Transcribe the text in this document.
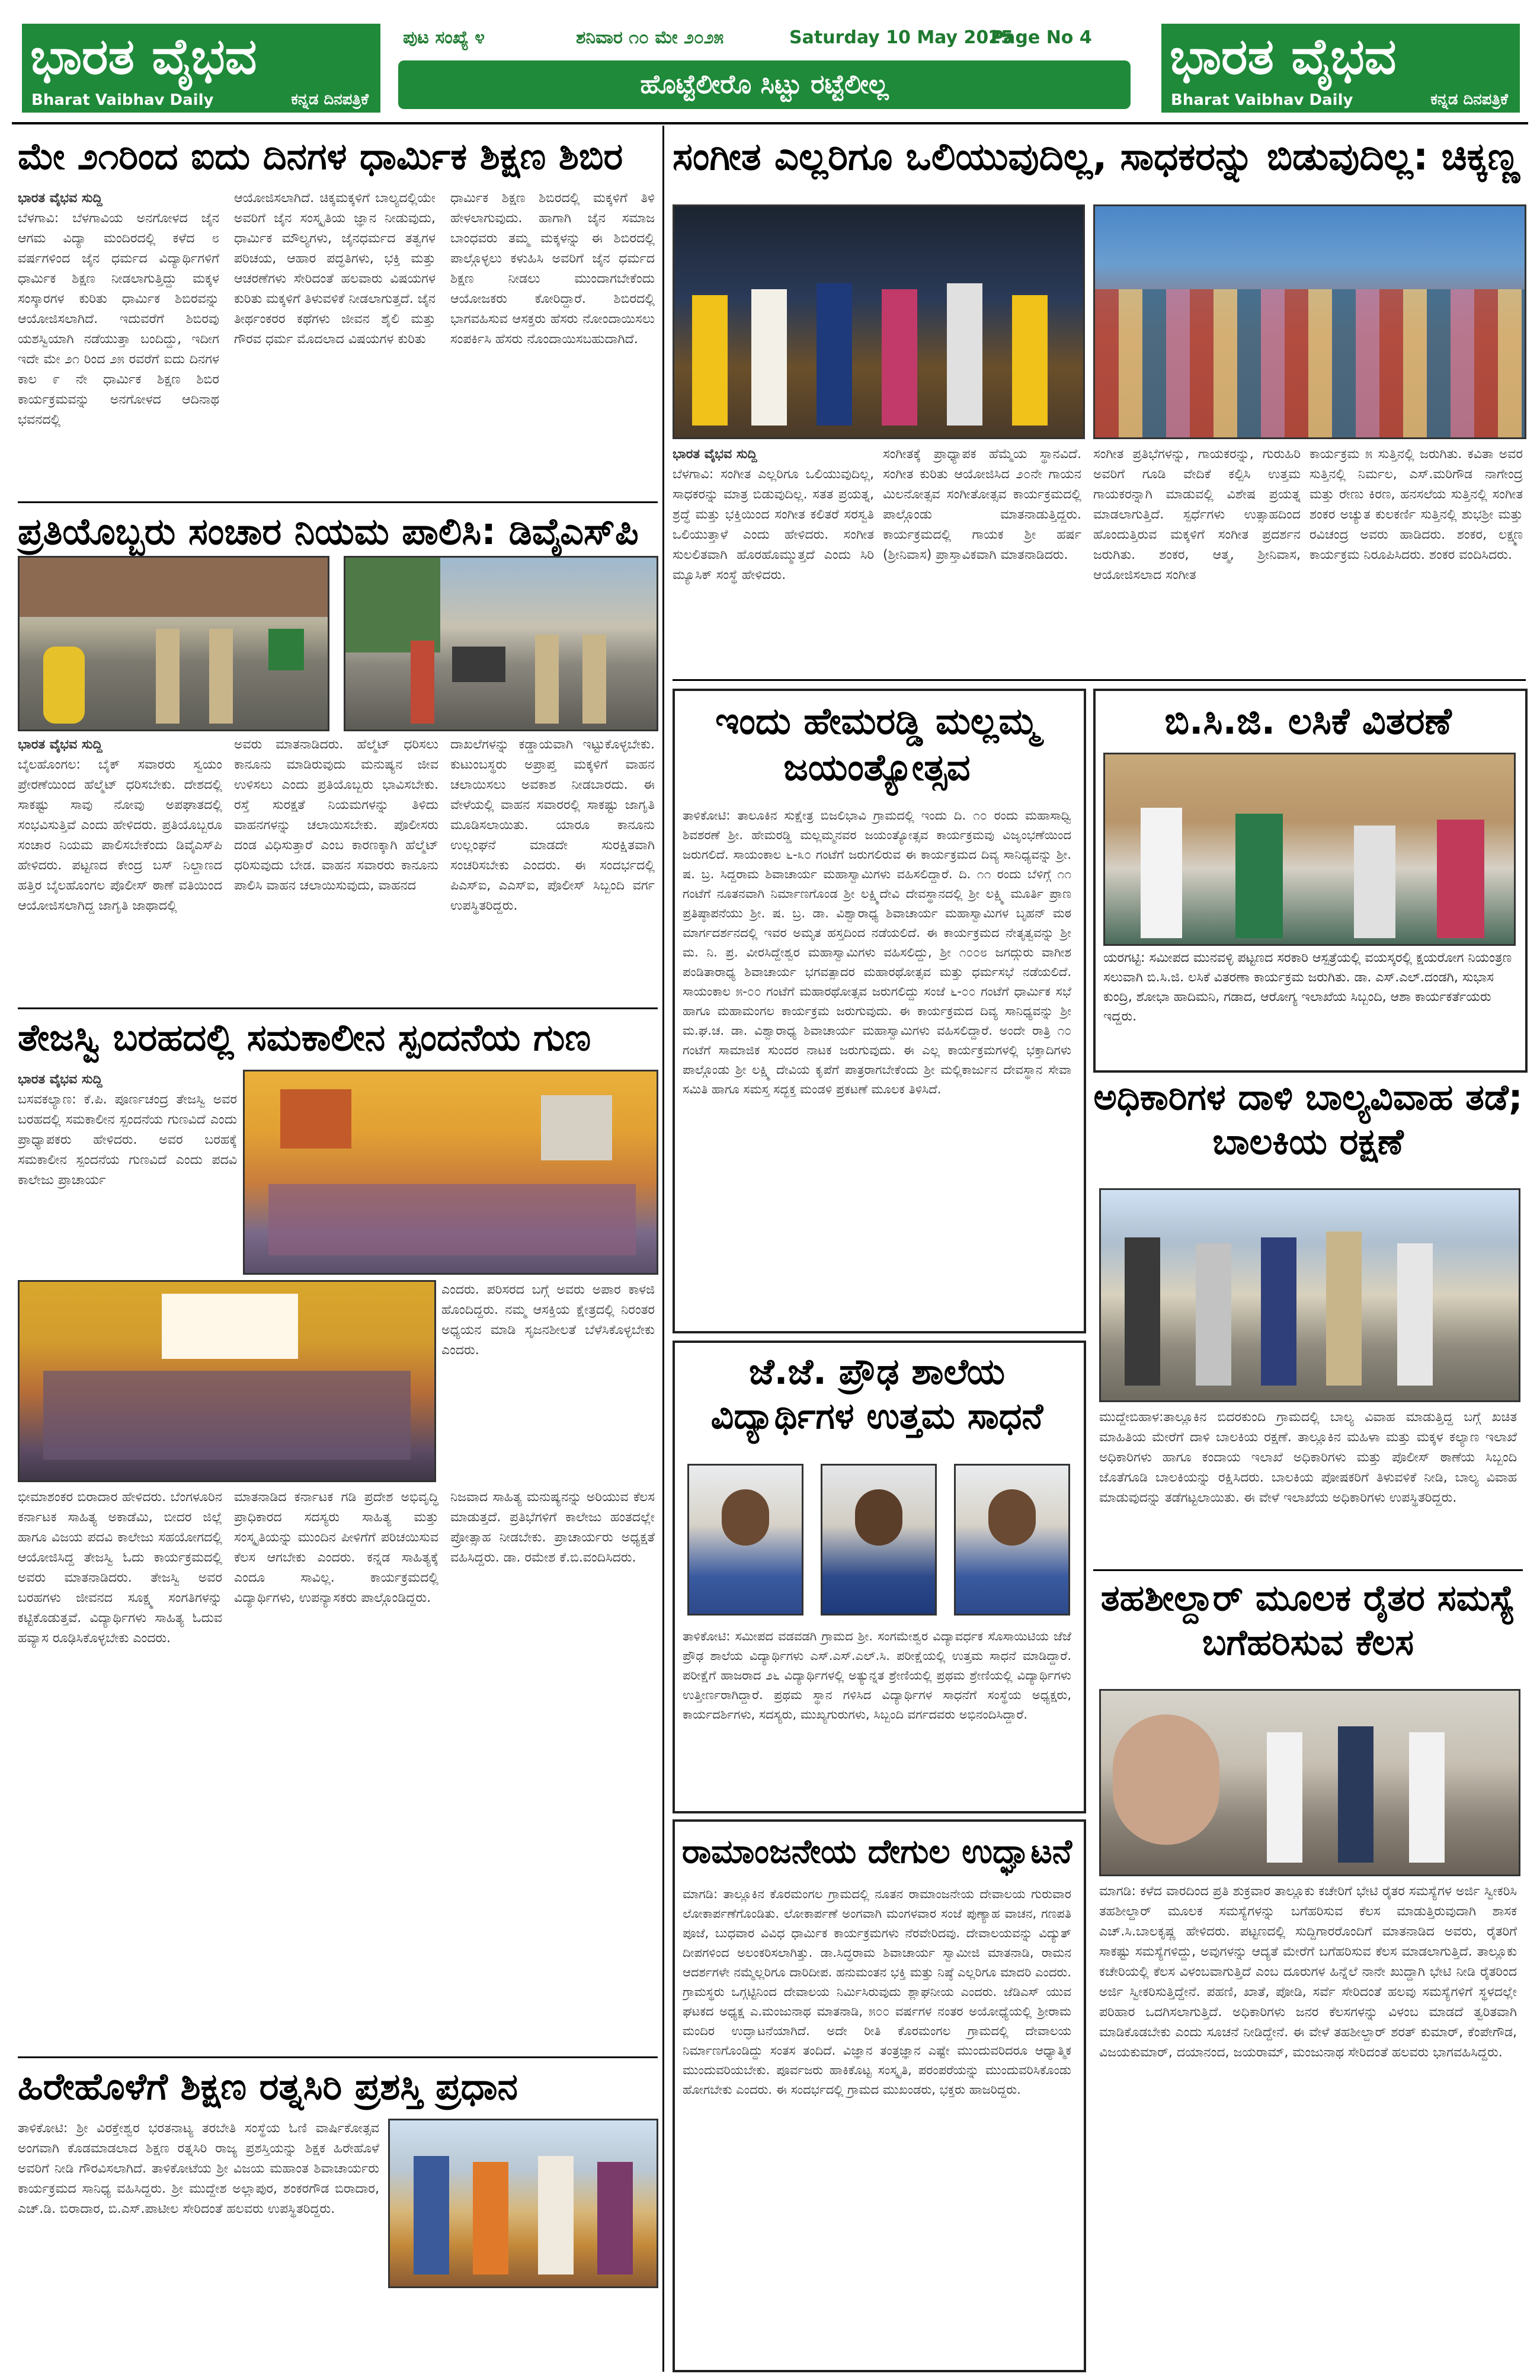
ಭಾರತ ವೈಭವ
Bharat Vaibhav Daily	ಕನ್ನಡ ದಿನಪತ್ರಿಕೆ
ಪುಟ ಸಂಖ್ಯೆ ೪	ಶನಿವಾರ ೧೦ ಮೇ ೨೦೨೫	Saturday 10 May 2025
Page No 4
ಹೊಟ್ಟೆಲೀರೊ ಸಿಟ್ಟು ರಟ್ಟೆಲೀಲ್ಲ	ಭಾರತ ವೈಭವ
Bharat Vaibhav Daily	ಕನ್ನಡ ದಿನಪತ್ರಿಕೆ
ಮೇ ೨೧ರಿಂದ ಐದು ದಿನಗಳ ಧಾರ್ಮಿಕ ಶಿಕ್ಷಣ ಶಿಬಿರ
ಭಾರತ ವೈಭವ ಸುದ್ದಿ
ಬೆಳಗಾವಿ: ಬೆಳಗಾವಿಯ ಅನಗೋಳದ ಜೈನ ಆಗಮ ವಿದ್ಯಾ ಮಂದಿರದಲ್ಲಿ ಕಳೆದ ೮ ವರ್ಷಗಳಿಂದ ಜೈನ ಧರ್ಮದ ವಿದ್ಯಾರ್ಥಿಗಳಿಗೆ ಧಾರ್ಮಿಕ ಶಿಕ್ಷಣ ನೀಡಲಾಗುತ್ತಿದ್ದು ಮಕ್ಕಳ ಸಂಸ್ಕಾರಗಳ ಕುರಿತು ಧಾರ್ಮಿಕ ಶಿಬಿರವನ್ನು ಆಯೋಜಿಸಲಾಗಿದೆ. ಇದುವರೆಗೆ ಶಿಬಿರವು ಯಶಸ್ವಿಯಾಗಿ ನಡೆಯುತ್ತಾ ಬಂದಿದ್ದು, ಇದೀಗ ಇದೇ ಮೇ ೨೧ ರಿಂದ ೨೫ ರವರೆಗೆ ಐದು ದಿನಗಳ ಕಾಲ ೯ ನೇ ಧಾರ್ಮಿಕ ಶಿಕ್ಷಣ ಶಿಬಿರ ಕಾರ್ಯಕ್ರಮವನ್ನು ಅನಗೋಳದ ಆದಿನಾಥ ಭವನದಲ್ಲಿ
ಆಯೋಜಿಸಲಾಗಿದೆ. ಚಿಕ್ಕಮಕ್ಕಳಿಗೆ ಬಾಲ್ಯದಲ್ಲಿಯೇ ಅವರಿಗೆ ಜೈನ ಸಂಸ್ಕೃತಿಯ ಜ್ಞಾನ ನೀಡುವುದು, ಧಾರ್ಮಿಕ ಮೌಲ್ಯಗಳು, ಜೈನಧರ್ಮದ ತತ್ವಗಳ ಪರಿಚಯ, ಆಹಾರ ಪದ್ಧತಿಗಳು, ಭಕ್ತಿ ಮತ್ತು ಆಚರಣೆಗಳು ಸೇರಿದಂತೆ ಹಲವಾರು ವಿಷಯಗಳ ಕುರಿತು ಮಕ್ಕಳಿಗೆ ತಿಳುವಳಿಕೆ ನೀಡಲಾಗುತ್ತದೆ. ಜೈನ ತೀರ್ಥಂಕರರ ಕಥೆಗಳು ಜೀವನ ಶೈಲಿ ಮತ್ತು ಗೌರವ ಧರ್ಮ ಮೊದಲಾದ ವಿಷಯಗಳ ಕುರಿತು
ಧಾರ್ಮಿಕ ಶಿಕ್ಷಣ ಶಿಬಿರದಲ್ಲಿ ಮಕ್ಕಳಿಗೆ ತಿಳಿ ಹೇಳಲಾಗುವುದು. ಹಾಗಾಗಿ ಜೈನ ಸಮಾಜ ಬಾಂಧವರು ತಮ್ಮ ಮಕ್ಕಳನ್ನು ಈ ಶಿಬಿರದಲ್ಲಿ ಪಾಲ್ಗೊಳ್ಳಲು ಕಳುಹಿಸಿ ಅವರಿಗೆ ಜೈನ ಧರ್ಮದ ಶಿಕ್ಷಣ ನೀಡಲು ಮುಂದಾಗಬೇಕೆಂದು ಆಯೋಜಕರು ಕೋರಿದ್ದಾರೆ. ಶಿಬಿರದಲ್ಲಿ ಭಾಗವಹಿಸುವ ಆಸಕ್ತರು ಹೆಸರು ನೋಂದಾಯಿಸಲು ಸಂಪರ್ಕಿಸಿ ಹೆಸರು ನೊಂದಾಯಿಸಬಹುದಾಗಿದೆ.
ಪ್ರತಿಯೊಬ್ಬರು ಸಂಚಾರ ನಿಯಮ ಪಾಲಿಸಿ: ಡಿವೈಎಸ್‌ಪಿ
ಭಾರತ ವೈಭವ ಸುದ್ದಿ
ಬೈಲಹೊಂಗಲ: ಬೈಕ್ ಸವಾರರು ಸ್ವಯಂ ಪ್ರೇರಣೆಯಿಂದ ಹೆಲ್ಮೆಟ್ ಧರಿಸಬೇಕು. ದೇಶದಲ್ಲಿ ಸಾಕಷ್ಟು ಸಾವು ನೋವು ಅಪಘಾತದಲ್ಲಿ ಸಂಭವಿಸುತ್ತಿವೆ ಎಂದು ಹೇಳಿದರು. ಪ್ರತಿಯೊಬ್ಬರೂ ಸಂಚಾರ ನಿಯಮ ಪಾಲಿಸಬೇಕೆಂದು ಡಿವೈಎಸ್‌ಪಿ ಹೇಳಿದರು. ಪಟ್ಟಣದ ಕೇಂದ್ರ ಬಸ್ ನಿಲ್ದಾಣದ ಹತ್ತಿರ ಬೈಲಹೊಂಗಲ ಪೊಲೀಸ್ ಠಾಣೆ ವತಿಯಿಂದ ಆಯೋಜಿಸಲಾಗಿದ್ದ ಜಾಗೃತಿ ಜಾಥಾದಲ್ಲಿ
ಅವರು ಮಾತನಾಡಿದರು. ಹೆಲ್ಮೆಟ್ ಧರಿಸಲು ಕಾನೂನು ಮಾಡಿರುವುದು ಮನುಷ್ಯನ ಜೀವ ಉಳಿಸಲು ಎಂದು ಪ್ರತಿಯೊಬ್ಬರು ಭಾವಿಸಬೇಕು. ರಸ್ತೆ ಸುರಕ್ಷತೆ ನಿಯಮಗಳನ್ನು ತಿಳಿದು ವಾಹನಗಳನ್ನು ಚಲಾಯಿಸಬೇಕು. ಪೊಲೀಸರು ದಂಡ ವಿಧಿಸುತ್ತಾರೆ ಎಂಬ ಕಾರಣಕ್ಕಾಗಿ ಹೆಲ್ಮೆಟ್ ಧರಿಸುವುದು ಬೇಡ. ವಾಹನ ಸವಾರರು ಕಾನೂನು ಪಾಲಿಸಿ ವಾಹನ ಚಲಾಯಿಸುವುದು, ವಾಹನದ
ದಾಖಲೆಗಳನ್ನು ಕಡ್ಡಾಯವಾಗಿ ಇಟ್ಟುಕೊಳ್ಳಬೇಕು. ಕುಟುಂಬಸ್ಥರು ಅಪ್ರಾಪ್ತ ಮಕ್ಕಳಿಗೆ ವಾಹನ ಚಲಾಯಿಸಲು ಅವಕಾಶ ನೀಡಬಾರದು. ಈ ವೇಳೆಯಲ್ಲಿ ವಾಹನ ಸವಾರರಲ್ಲಿ ಸಾಕಷ್ಟು ಜಾಗೃತಿ ಮೂಡಿಸಲಾಯಿತು. ಯಾರೂ ಕಾನೂನು ಉಲ್ಲಂಘನೆ ಮಾಡದೇ ಸುರಕ್ಷಿತವಾಗಿ ಸಂಚರಿಸಬೇಕು ಎಂದರು. ಈ ಸಂದರ್ಭದಲ್ಲಿ ಪಿಎಸ್‌ಐ, ಎಎಸ್‌ಐ, ಪೊಲೀಸ್ ಸಿಬ್ಬಂದಿ ವರ್ಗ ಉಪಸ್ಥಿತರಿದ್ದರು.
ತೇಜಸ್ವಿ ಬರಹದಲ್ಲಿ ಸಮಕಾಲೀನ ಸ್ಪಂದನೆಯ ಗುಣ
ಭಾರತ ವೈಭವ ಸುದ್ದಿ
ಬಸವಕಲ್ಯಾಣ: ಕೆ.ಪಿ. ಪೂರ್ಣಚಂದ್ರ ತೇಜಸ್ವಿ ಅವರ ಬರಹದಲ್ಲಿ ಸಮಕಾಲೀನ ಸ್ಪಂದನೆಯ ಗುಣವಿದೆ ಎಂದು ಪ್ರಾಧ್ಯಾಪಕರು ಹೇಳಿದರು. ಅವರ ಬರಹಕ್ಕೆ ಸಮಕಾಲೀನ ಸ್ಪಂದನೆಯ ಗುಣವಿದೆ ಎಂದು ಪದವಿ ಕಾಲೇಜು ಪ್ರಾಚಾರ್ಯ
ಎಂದರು. ಪರಿಸರದ ಬಗ್ಗೆ ಅವರು ಅಪಾರ ಕಾಳಜಿ ಹೊಂದಿದ್ದರು. ನಮ್ಮ ಆಸಕ್ತಿಯ ಕ್ಷೇತ್ರದಲ್ಲಿ ನಿರಂತರ ಅಧ್ಯಯನ ಮಾಡಿ ಸೃಜನಶೀಲತೆ ಬೆಳೆಸಿಕೊಳ್ಳಬೇಕು ಎಂದರು.
ಭೀಮಾಶಂಕರ ಬಿರಾದಾರ ಹೇಳಿದರು. ಬೆಂಗಳೂರಿನ ಕರ್ನಾಟಕ ಸಾಹಿತ್ಯ ಅಕಾಡೆಮಿ, ಬೀದರ ಜಿಲ್ಲೆ ಹಾಗೂ ವಿಜಯ ಪದವಿ ಕಾಲೇಜು ಸಹಯೋಗದಲ್ಲಿ ಆಯೋಜಿಸಿದ್ದ ತೇಜಸ್ವಿ ಓದು ಕಾರ್ಯಕ್ರಮದಲ್ಲಿ ಅವರು ಮಾತನಾಡಿದರು. ತೇಜಸ್ವಿ ಅವರ ಬರಹಗಳು ಜೀವನದ ಸೂಕ್ಷ್ಮ ಸಂಗತಿಗಳನ್ನು ಕಟ್ಟಿಕೊಡುತ್ತವೆ. ವಿದ್ಯಾರ್ಥಿಗಳು ಸಾಹಿತ್ಯ ಓದುವ ಹವ್ಯಾಸ ರೂಢಿಸಿಕೊಳ್ಳಬೇಕು ಎಂದರು.
ಮಾತನಾಡಿದ ಕರ್ನಾಟಕ ಗಡಿ ಪ್ರದೇಶ ಅಭಿವೃದ್ಧಿ ಪ್ರಾಧಿಕಾರದ ಸದಸ್ಯರು ಸಾಹಿತ್ಯ ಮತ್ತು ಸಂಸ್ಕೃತಿಯನ್ನು ಮುಂದಿನ ಪೀಳಿಗೆಗೆ ಪರಿಚಯಿಸುವ ಕೆಲಸ ಆಗಬೇಕು ಎಂದರು. ಕನ್ನಡ ಸಾಹಿತ್ಯಕ್ಕೆ ಎಂದೂ ಸಾವಿಲ್ಲ. ಕಾರ್ಯಕ್ರಮದಲ್ಲಿ ವಿದ್ಯಾರ್ಥಿಗಳು, ಉಪನ್ಯಾಸಕರು ಪಾಲ್ಗೊಂಡಿದ್ದರು.
ನಿಜವಾದ ಸಾಹಿತ್ಯ ಮನುಷ್ಯನನ್ನು ಅರಿಯುವ ಕೆಲಸ ಮಾಡುತ್ತದೆ. ಪ್ರತಿಭೆಗಳಿಗೆ ಕಾಲೇಜು ಹಂತದಲ್ಲೇ ಪ್ರೋತ್ಸಾಹ ನೀಡಬೇಕು. ಪ್ರಾಚಾರ್ಯರು ಅಧ್ಯಕ್ಷತೆ ವಹಿಸಿದ್ದರು. ಡಾ. ರಮೇಶ ಕೆ.ಬಿ.ವಂದಿಸಿದರು.
ಹಿರೇಹೊಳೆಗೆ ಶಿಕ್ಷಣ ರತ್ನಸಿರಿ ಪ್ರಶಸ್ತಿ ಪ್ರಧಾನ
ತಾಳಿಕೋಟಿ: ಶ್ರೀ ವಿರಕ್ತೇಶ್ವರ ಭರತನಾಟ್ಯ ತರಬೇತಿ ಸಂಸ್ಥೆಯ ಓಣಿ ವಾರ್ಷಿಕೋತ್ಸವ ಅಂಗವಾಗಿ ಕೊಡಮಾಡಲಾದ ಶಿಕ್ಷಣ ರತ್ನಸಿರಿ ರಾಜ್ಯ ಪ್ರಶಸ್ತಿಯನ್ನು ಶಿಕ್ಷಕ ಹಿರೇಹೊಳೆ ಅವರಿಗೆ ನೀಡಿ ಗೌರವಿಸಲಾಗಿದೆ. ತಾಳಿಕೋಟೆಯ ಶ್ರೀ ವಿಜಯ ಮಹಾಂತ ಶಿವಾಚಾರ್ಯರು ಕಾರ್ಯಕ್ರಮದ ಸಾನಿಧ್ಯ ವಹಿಸಿದ್ದರು. ಶ್ರೀ ಮುದ್ದೇಶ ಅಲ್ಲಾಪುರ, ಶಂಕರಗೌಡ ಬಿರಾದಾರ, ಎಚ್.ಡಿ. ಬಿರಾದಾರ, ಬಿ.ಎಸ್.ಪಾಟೀಲ ಸೇರಿದಂತೆ ಹಲವರು ಉಪಸ್ಥಿತರಿದ್ದರು.
ಸಂಗೀತ ಎಲ್ಲರಿಗೂ ಒಲಿಯುವುದಿಲ್ಲ, ಸಾಧಕರನ್ನು ಬಿಡುವುದಿಲ್ಲ: ಚಿಕ್ಕಣ್ಣ
ಭಾರತ ವೈಭವ ಸುದ್ದಿ
ಬೆಳಗಾವಿ: ಸಂಗೀತ ಎಲ್ಲರಿಗೂ ಒಲಿಯುವುದಿಲ್ಲ, ಸಾಧಕರನ್ನು ಮಾತ್ರ ಬಿಡುವುದಿಲ್ಲ. ಸತತ ಪ್ರಯತ್ನ, ಶ್ರದ್ಧೆ ಮತ್ತು ಭಕ್ತಿಯಿಂದ ಸಂಗೀತ ಕಲಿತರೆ ಸರಸ್ವತಿ ಒಲಿಯುತ್ತಾಳೆ ಎಂದು ಹೇಳಿದರು. ಸಂಗೀತ ಸುಲಲಿತವಾಗಿ ಹೊರಹೊಮ್ಮುತ್ತದೆ ಎಂದು ಸಿರಿ ಮ್ಯೂಸಿಕ್ ಸಂಸ್ಥೆ ಹೇಳಿದರು.
ಸಂಗೀತಕ್ಕೆ ಪ್ರಾಧ್ಯಾಪಕ ಹೆಮ್ಮೆಯ ಸ್ಥಾನವಿದೆ. ಸಂಗೀತ ಕುರಿತು ಆಯೋಜಿಸಿದ ೨೦ನೇ ಗಾಯನ ಮಿಲನೋತ್ಸವ ಸಂಗೀತೋತ್ಸವ ಕಾರ್ಯಕ್ರಮದಲ್ಲಿ ಪಾಲ್ಗೊಂಡು ಮಾತನಾಡುತ್ತಿದ್ದರು. ಕಾರ್ಯಕ್ರಮದಲ್ಲಿ ಗಾಯಕ ಶ್ರೀ ಹರ್ಷ (ಶ್ರೀನಿವಾಸ) ಪ್ರಾಸ್ತಾವಿಕವಾಗಿ ಮಾತನಾಡಿದರು.
ಸಂಗೀತ ಪ್ರತಿಭೆಗಳನ್ನು, ಗಾಯಕರನ್ನು, ಗುರುಹಿರಿ ಅವರಿಗೆ ಗೂಡಿ ವೇದಿಕೆ ಕಲ್ಪಿಸಿ ಉತ್ತಮ ಗಾಯಕರನ್ನಾಗಿ ಮಾಡುವಲ್ಲಿ ವಿಶೇಷ ಪ್ರಯತ್ನ ಮಾಡಲಾಗುತ್ತಿದೆ. ಸ್ಪರ್ಧೆಗಳು ಉತ್ಸಾಹದಿಂದ ಹೊಂದುತ್ತಿರುವ ಮಕ್ಕಳಿಗೆ ಸಂಗೀತ ಪ್ರದರ್ಶನ ಜರುಗಿತು. ಶಂಕರ, ಆತ್ಮ, ಶ್ರೀನಿವಾಸ, ಆಯೋಜಿಸಲಾದ ಸಂಗೀತ
ಕಾರ್ಯಕ್ರಮ ೫ ಸುತ್ತಿನಲ್ಲಿ ಜರುಗಿತು. ಕವಿತಾ ಅವರ ಸುತ್ತಿನಲ್ಲಿ ನಿರ್ಮಲ, ಎಸ್.ಮರಿಗೌಡ ನಾಗೇಂದ್ರ ಮತ್ತು ರೇಣು ಕಿರಣ, ಹನಸಲೆಯ ಸುತ್ತಿನಲ್ಲಿ ಸಂಗೀತ ಶಂಕರ ಅಚ್ಯುತ ಕುಲಕರ್ಣಿ ಸುತ್ತಿನಲ್ಲಿ ಶುಭಶ್ರೀ ಮತ್ತು ರವಿಚಂದ್ರ ಅವರು ಹಾಡಿದರು. ಶಂಕರ, ಲಕ್ಷ್ಮಣ ಕಾರ್ಯಕ್ರಮ ನಿರೂಪಿಸಿದರು. ಶಂಕರ ವಂದಿಸಿದರು.
ಇಂದು ಹೇಮರಡ್ಡಿ ಮಲ್ಲಮ್ಮ ಜಯಂತ್ಯೋತ್ಸವ
ತಾಳಿಕೋಟಿ: ತಾಲೂಕಿನ ಸುಕ್ಷೇತ್ರ ಬಿಜಲಿಭಾವಿ ಗ್ರಾಮದಲ್ಲಿ ಇಂದು ದಿ. ೧೦ ರಂದು ಮಹಾಸಾಧ್ವಿ ಶಿವಶರಣೆ ಶ್ರೀ. ಹೇಮರಡ್ಡಿ ಮಲ್ಲಮ್ಮನವರ ಜಯಂತ್ಯೋತ್ಸವ ಕಾರ್ಯಕ್ರಮವು ವಿಜೃಂಭಣೆಯಿಂದ ಜರುಗಲಿದೆ. ಸಾಯಂಕಾಲ ೬-೩೦ ಗಂಟೆಗೆ ಜರುಗಲಿರುವ ಈ ಕಾರ್ಯಕ್ರಮದ ದಿವ್ಯ ಸಾನಿಧ್ಯವನ್ನು ಶ್ರೀ. ಷ. ಬ್ರ. ಸಿದ್ದರಾಮ ಶಿವಾಚಾರ್ಯ ಮಹಾಸ್ವಾಮಿಗಳು ವಹಿಸಲಿದ್ದಾರೆ. ದಿ. ೧೧ ರಂದು ಬೆಳಿಗ್ಗೆ ೧೧ ಗಂಟೆಗೆ ನೂತನವಾಗಿ ನಿರ್ಮಾಣಗೊಂಡ ಶ್ರೀ ಲಕ್ಷ್ಮಿದೇವಿ ದೇವಸ್ಥಾನದಲ್ಲಿ ಶ್ರೀ ಲಕ್ಷ್ಮಿ ಮೂರ್ತಿ ಪ್ರಾಣ ಪ್ರತಿಷ್ಠಾಪನೆಯು ಶ್ರೀ. ಷ. ಬ್ರ. ಡಾ. ವಿಶ್ವಾರಾಧ್ಯ ಶಿವಾಚಾರ್ಯ ಮಹಾಸ್ವಾಮಿಗಳ ಬೃಹನ್ ಮಠ ಮಾರ್ಗದರ್ಶನದಲ್ಲಿ ಇವರ ಅಮೃತ ಹಸ್ತದಿಂದ ನಡೆಯಲಿದೆ. ಈ ಕಾರ್ಯಕ್ರಮದ ನೇತೃತ್ವವನ್ನು ಶ್ರೀ ಮ. ನಿ. ಪ್ರ. ವೀರಸಿದ್ದೇಶ್ವರ ಮಹಾಸ್ವಾಮಿಗಳು ವಹಿಸಲಿದ್ದು, ಶ್ರೀ ೧೦೦೮ ಜಗದ್ಗುರು ವಾಗೀಶ ಪಂಡಿತಾರಾಧ್ಯ ಶಿವಾಚಾರ್ಯ ಭಗವತ್ಪಾದರ ಮಹಾರಥೋತ್ಸವ ಮತ್ತು ಧರ್ಮಸಭೆ ನಡೆಯಲಿದೆ. ಸಾಯಂಕಾಲ ೫-೦೦ ಗಂಟೆಗೆ ಮಹಾರಥೋತ್ಸವ ಜರುಗಲಿದ್ದು ಸಂಜೆ ೬-೦೦ ಗಂಟೆಗೆ ಧಾರ್ಮಿಕ ಸಭೆ ಹಾಗೂ ಮಹಾಮಂಗಲ ಕಾರ್ಯಕ್ರಮ ಜರುಗುವುದು. ಈ ಕಾರ್ಯಕ್ರಮದ ದಿವ್ಯ ಸಾನಿಧ್ಯವನ್ನು ಶ್ರೀ ಮ.ಘ.ಚ. ಡಾ. ವಿಶ್ವಾರಾಧ್ಯ ಶಿವಾಚಾರ್ಯ ಮಹಾಸ್ವಾಮಿಗಳು ವಹಿಸಲಿದ್ದಾರೆ. ಅಂದೇ ರಾತ್ರಿ ೧೦ ಗಂಟೆಗೆ ಸಾಮಾಜಿಕ ಸುಂದರ ನಾಟಕ ಜರುಗುವುದು. ಈ ಎಲ್ಲ ಕಾರ್ಯಕ್ರಮಗಳಲ್ಲಿ ಭಕ್ತಾದಿಗಳು ಪಾಲ್ಗೊಂಡು ಶ್ರೀ ಲಕ್ಷ್ಮಿ ದೇವಿಯ ಕೃಪೆಗೆ ಪಾತ್ರರಾಗಬೇಕೆಂದು ಶ್ರೀ ಮಲ್ಲಿಕಾರ್ಜುನ ದೇವಸ್ಥಾನ ಸೇವಾ ಸಮಿತಿ ಹಾಗೂ ಸಮಸ್ತ ಸದ್ಭಕ್ತ ಮಂಡಳಿ ಪ್ರಕಟಣೆ ಮೂಲಕ ತಿಳಿಸಿದೆ.
ಜೆ.ಜೆ. ಪ್ರೌಢ ಶಾಲೆಯ ವಿದ್ಯಾರ್ಥಿಗಳ ಉತ್ತಮ ಸಾಧನೆ
ತಾಳಿಕೋಟಿ: ಸಮೀಪದ ವಡವಡಗಿ ಗ್ರಾಮದ ಶ್ರೀ. ಸಂಗಮೇಶ್ವರ ವಿದ್ಯಾವರ್ಧಕ ಸೊಸಾಯಿಟಿಯ ಜೆಜೆ ಪ್ರೌಢ ಶಾಲೆಯ ವಿದ್ಯಾರ್ಥಿಗಳು ಎಸ್.ಎಸ್.ಎಲ್.ಸಿ. ಪರೀಕ್ಷೆಯಲ್ಲಿ ಉತ್ತಮ ಸಾಧನೆ ಮಾಡಿದ್ದಾರೆ. ಪರೀಕ್ಷೆಗೆ ಹಾಜರಾದ ೨೬ ವಿದ್ಯಾರ್ಥಿಗಳಲ್ಲಿ ಅತ್ಯುನ್ನತ ಶ್ರೇಣಿಯಲ್ಲಿ ಪ್ರಥಮ ಶ್ರೇಣಿಯಲ್ಲಿ ವಿದ್ಯಾರ್ಥಿಗಳು ಉತ್ತೀರ್ಣರಾಗಿದ್ದಾರೆ. ಪ್ರಥಮ ಸ್ಥಾನ ಗಳಿಸಿದ ವಿದ್ಯಾರ್ಥಿಗಳ ಸಾಧನೆಗೆ ಸಂಸ್ಥೆಯ ಅಧ್ಯಕ್ಷರು, ಕಾರ್ಯದರ್ಶಿಗಳು, ಸದಸ್ಯರು, ಮುಖ್ಯಗುರುಗಳು, ಸಿಬ್ಬಂದಿ ವರ್ಗದವರು ಅಭಿನಂದಿಸಿದ್ದಾರೆ.
ರಾಮಾಂಜನೇಯ ದೇಗುಲ ಉದ್ಘಾಟನೆ
ಮಾಗಡಿ: ತಾಲ್ಲೂಕಿನ ಕೊರಮಂಗಲ ಗ್ರಾಮದಲ್ಲಿ ನೂತನ ರಾಮಾಂಜನೇಯ ದೇವಾಲಯ ಗುರುವಾರ ಲೋಕಾರ್ಪಣೆಗೊಂಡಿತು. ಲೋಕಾರ್ಪಣೆ ಅಂಗವಾಗಿ ಮಂಗಳವಾರ ಸಂಜೆ ಪುಣ್ಯಾಹ ವಾಚನ, ಗಣಪತಿ ಪೂಜೆ, ಬುಧವಾರ ವಿವಿಧ ಧಾರ್ಮಿಕ ಕಾರ್ಯಕ್ರಮಗಳು ನೆರವೇರಿದವು. ದೇವಾಲಯವನ್ನು ವಿದ್ಯುತ್ ದೀಪಗಳಿಂದ ಅಲಂಕರಿಸಲಾಗಿತ್ತು. ಡಾ.ಸಿದ್ಧರಾಮ ಶಿವಾಚಾರ್ಯ ಸ್ವಾಮೀಜಿ ಮಾತನಾಡಿ, ರಾಮನ ಆದರ್ಶಗಳೇ ನಮ್ಮೆಲ್ಲರಿಗೂ ದಾರಿದೀಪ. ಹನುಮಂತನ ಭಕ್ತಿ ಮತ್ತು ನಿಷ್ಠೆ ಎಲ್ಲರಿಗೂ ಮಾದರಿ ಎಂದರು. ಗ್ರಾಮಸ್ಥರು ಒಗ್ಗಟ್ಟಿನಿಂದ ದೇವಾಲಯ ನಿರ್ಮಿಸಿರುವುದು ಶ್ಲಾಘನೀಯ ಎಂದರು. ಜೆಡಿಎಸ್ ಯುವ ಘಟಕದ ಅಧ್ಯಕ್ಷ ಎ.ಮಂಜುನಾಥ ಮಾತನಾಡಿ, ೫೦೦ ವರ್ಷಗಳ ನಂತರ ಅಯೋಧ್ಯೆಯಲ್ಲಿ ಶ್ರೀರಾಮ ಮಂದಿರ ಉದ್ಘಾಟನೆಯಾಗಿದೆ. ಅದೇ ರೀತಿ ಕೊರಮಂಗಲ ಗ್ರಾಮದಲ್ಲಿ ದೇವಾಲಯ ನಿರ್ಮಾಣಗೊಂಡಿದ್ದು ಸಂತಸ ತಂದಿದೆ. ವಿಜ್ಞಾನ ತಂತ್ರಜ್ಞಾನ ಎಷ್ಟೇ ಮುಂದುವರಿದರೂ ಆಧ್ಯಾತ್ಮಿಕ ಮುಂದುವರಿಯಬೇಕು. ಪೂರ್ವಜರು ಹಾಕಿಕೊಟ್ಟ ಸಂಸ್ಕೃತಿ, ಪರಂಪರೆಯನ್ನು ಮುಂದುವರಿಸಿಕೊಂಡು ಹೋಗಬೇಕು ಎಂದರು. ಈ ಸಂದರ್ಭದಲ್ಲಿ ಗ್ರಾಮದ ಮುಖಂಡರು, ಭಕ್ತರು ಹಾಜರಿದ್ದರು.
ಬಿ.ಸಿ.ಜಿ. ಲಸಿಕೆ ವಿತರಣೆ
ಯರಗಟ್ಟಿ: ಸಮೀಪದ ಮುನವಳ್ಳಿ ಪಟ್ಟಣದ ಸರಕಾರಿ ಆಸ್ಪತ್ರೆಯಲ್ಲಿ ವಯಸ್ಕರಲ್ಲಿ ಕ್ಷಯರೋಗ ನಿಯಂತ್ರಣ ಸಲುವಾಗಿ ಬಿ.ಸಿ.ಜಿ. ಲಸಿಕೆ ವಿತರಣಾ ಕಾರ್ಯಕ್ರಮ ಜರುಗಿತು. ಡಾ. ಎಸ್.ಎಲ್.ದಂಡಗಿ, ಸುಭಾಸ ಕುಂದ್ರಿ, ಶೋಭಾ ಹಾದಿಮನಿ, ಗಡಾದ, ಆರೋಗ್ಯ ಇಲಾಖೆಯ ಸಿಬ್ಬಂದಿ, ಆಶಾ ಕಾರ್ಯಕರ್ತೆಯರು ಇದ್ದರು.
ಅಧಿಕಾರಿಗಳ ದಾಳಿ ಬಾಲ್ಯವಿವಾಹ ತಡೆ; ಬಾಲಕಿಯ ರಕ್ಷಣೆ
ಮುದ್ದೇಬಿಹಾಳ:ತಾಲ್ಲೂಕಿನ ಬಿದರಕುಂದಿ ಗ್ರಾಮದಲ್ಲಿ ಬಾಲ್ಯ ವಿವಾಹ ಮಾಡುತ್ತಿದ್ದ ಬಗ್ಗೆ ಖಚಿತ ಮಾಹಿತಿಯ ಮೇರೆಗೆ ದಾಳಿ ಬಾಲಕಿಯ ರಕ್ಷಣೆ. ತಾಲ್ಲೂಕಿನ ಮಹಿಳಾ ಮತ್ತು ಮಕ್ಕಳ ಕಲ್ಯಾಣ ಇಲಾಖೆ ಅಧಿಕಾರಿಗಳು ಹಾಗೂ ಕಂದಾಯ ಇಲಾಖೆ ಅಧಿಕಾರಿಗಳು ಮತ್ತು ಪೊಲೀಸ್ ಠಾಣೆಯ ಸಿಬ್ಬಂದಿ ಜೊತೆಗೂಡಿ ಬಾಲಕಿಯನ್ನು ರಕ್ಷಿಸಿದರು. ಬಾಲಕಿಯ ಪೋಷಕರಿಗೆ ತಿಳುವಳಿಕೆ ನೀಡಿ, ಬಾಲ್ಯ ವಿವಾಹ ಮಾಡುವುದನ್ನು ತಡೆಗಟ್ಟಲಾಯಿತು. ಈ ವೇಳೆ ಇಲಾಖೆಯ ಅಧಿಕಾರಿಗಳು ಉಪಸ್ಥಿತರಿದ್ದರು.
ತಹಶೀಲ್ದಾರ್ ಮೂಲಕ ರೈತರ ಸಮಸ್ಯೆ ಬಗೆಹರಿಸುವ ಕೆಲಸ
ಮಾಗಡಿ: ಕಳೆದ ವಾರದಿಂದ ಪ್ರತಿ ಶುಕ್ರವಾರ ತಾಲ್ಲೂಕು ಕಚೇರಿಗೆ ಭೇಟಿ ರೈತರ ಸಮಸ್ಯೆಗಳ ಅರ್ಜಿ ಸ್ವೀಕರಿಸಿ ತಹಶೀಲ್ದಾರ್ ಮೂಲಕ ಸಮಸ್ಯೆಗಳನ್ನು ಬಗೆಹರಿಸುವ ಕೆಲಸ ಮಾಡುತ್ತಿರುವುದಾಗಿ ಶಾಸಕ ಎಚ್.ಸಿ.ಬಾಲಕೃಷ್ಣ ಹೇಳಿದರು. ಪಟ್ಟಣದಲ್ಲಿ ಸುದ್ದಿಗಾರರೊಂದಿಗೆ ಮಾತನಾಡಿದ ಅವರು, ರೈತರಿಗೆ ಸಾಕಷ್ಟು ಸಮಸ್ಯೆಗಳಿದ್ದು, ಅವುಗಳನ್ನು ಆದ್ಯತೆ ಮೇರೆಗೆ ಬಗೆಹರಿಸುವ ಕೆಲಸ ಮಾಡಲಾಗುತ್ತಿದೆ. ತಾಲ್ಲೂಕು ಕಚೇರಿಯಲ್ಲಿ ಕೆಲಸ ವಿಳಂಬವಾಗುತ್ತಿದೆ ಎಂಬ ದೂರುಗಳ ಹಿನ್ನೆಲೆ ನಾನೇ ಖುದ್ದಾಗಿ ಭೇಟಿ ನೀಡಿ ರೈತರಿಂದ ಅರ್ಜಿ ಸ್ವೀಕರಿಸುತ್ತಿದ್ದೇನೆ. ಪಹಣಿ, ಖಾತೆ, ಪೋಡಿ, ಸರ್ವೆ ಸೇರಿದಂತೆ ಹಲವು ಸಮಸ್ಯೆಗಳಿಗೆ ಸ್ಥಳದಲ್ಲೇ ಪರಿಹಾರ ಒದಗಿಸಲಾಗುತ್ತಿದೆ. ಅಧಿಕಾರಿಗಳು ಜನರ ಕೆಲಸಗಳನ್ನು ವಿಳಂಬ ಮಾಡದೆ ತ್ವರಿತವಾಗಿ ಮಾಡಿಕೊಡಬೇಕು ಎಂದು ಸೂಚನೆ ನೀಡಿದ್ದೇನೆ. ಈ ವೇಳೆ ತಹಶೀಲ್ದಾರ್ ಶರತ್ ಕುಮಾರ್, ಕೆಂಪೇಗೌಡ, ವಿಜಯಕುಮಾರ್, ದಯಾನಂದ, ಜಯರಾಮ್, ಮಂಜುನಾಥ ಸೇರಿದಂತೆ ಹಲವರು ಭಾಗವಹಿಸಿದ್ದರು.
